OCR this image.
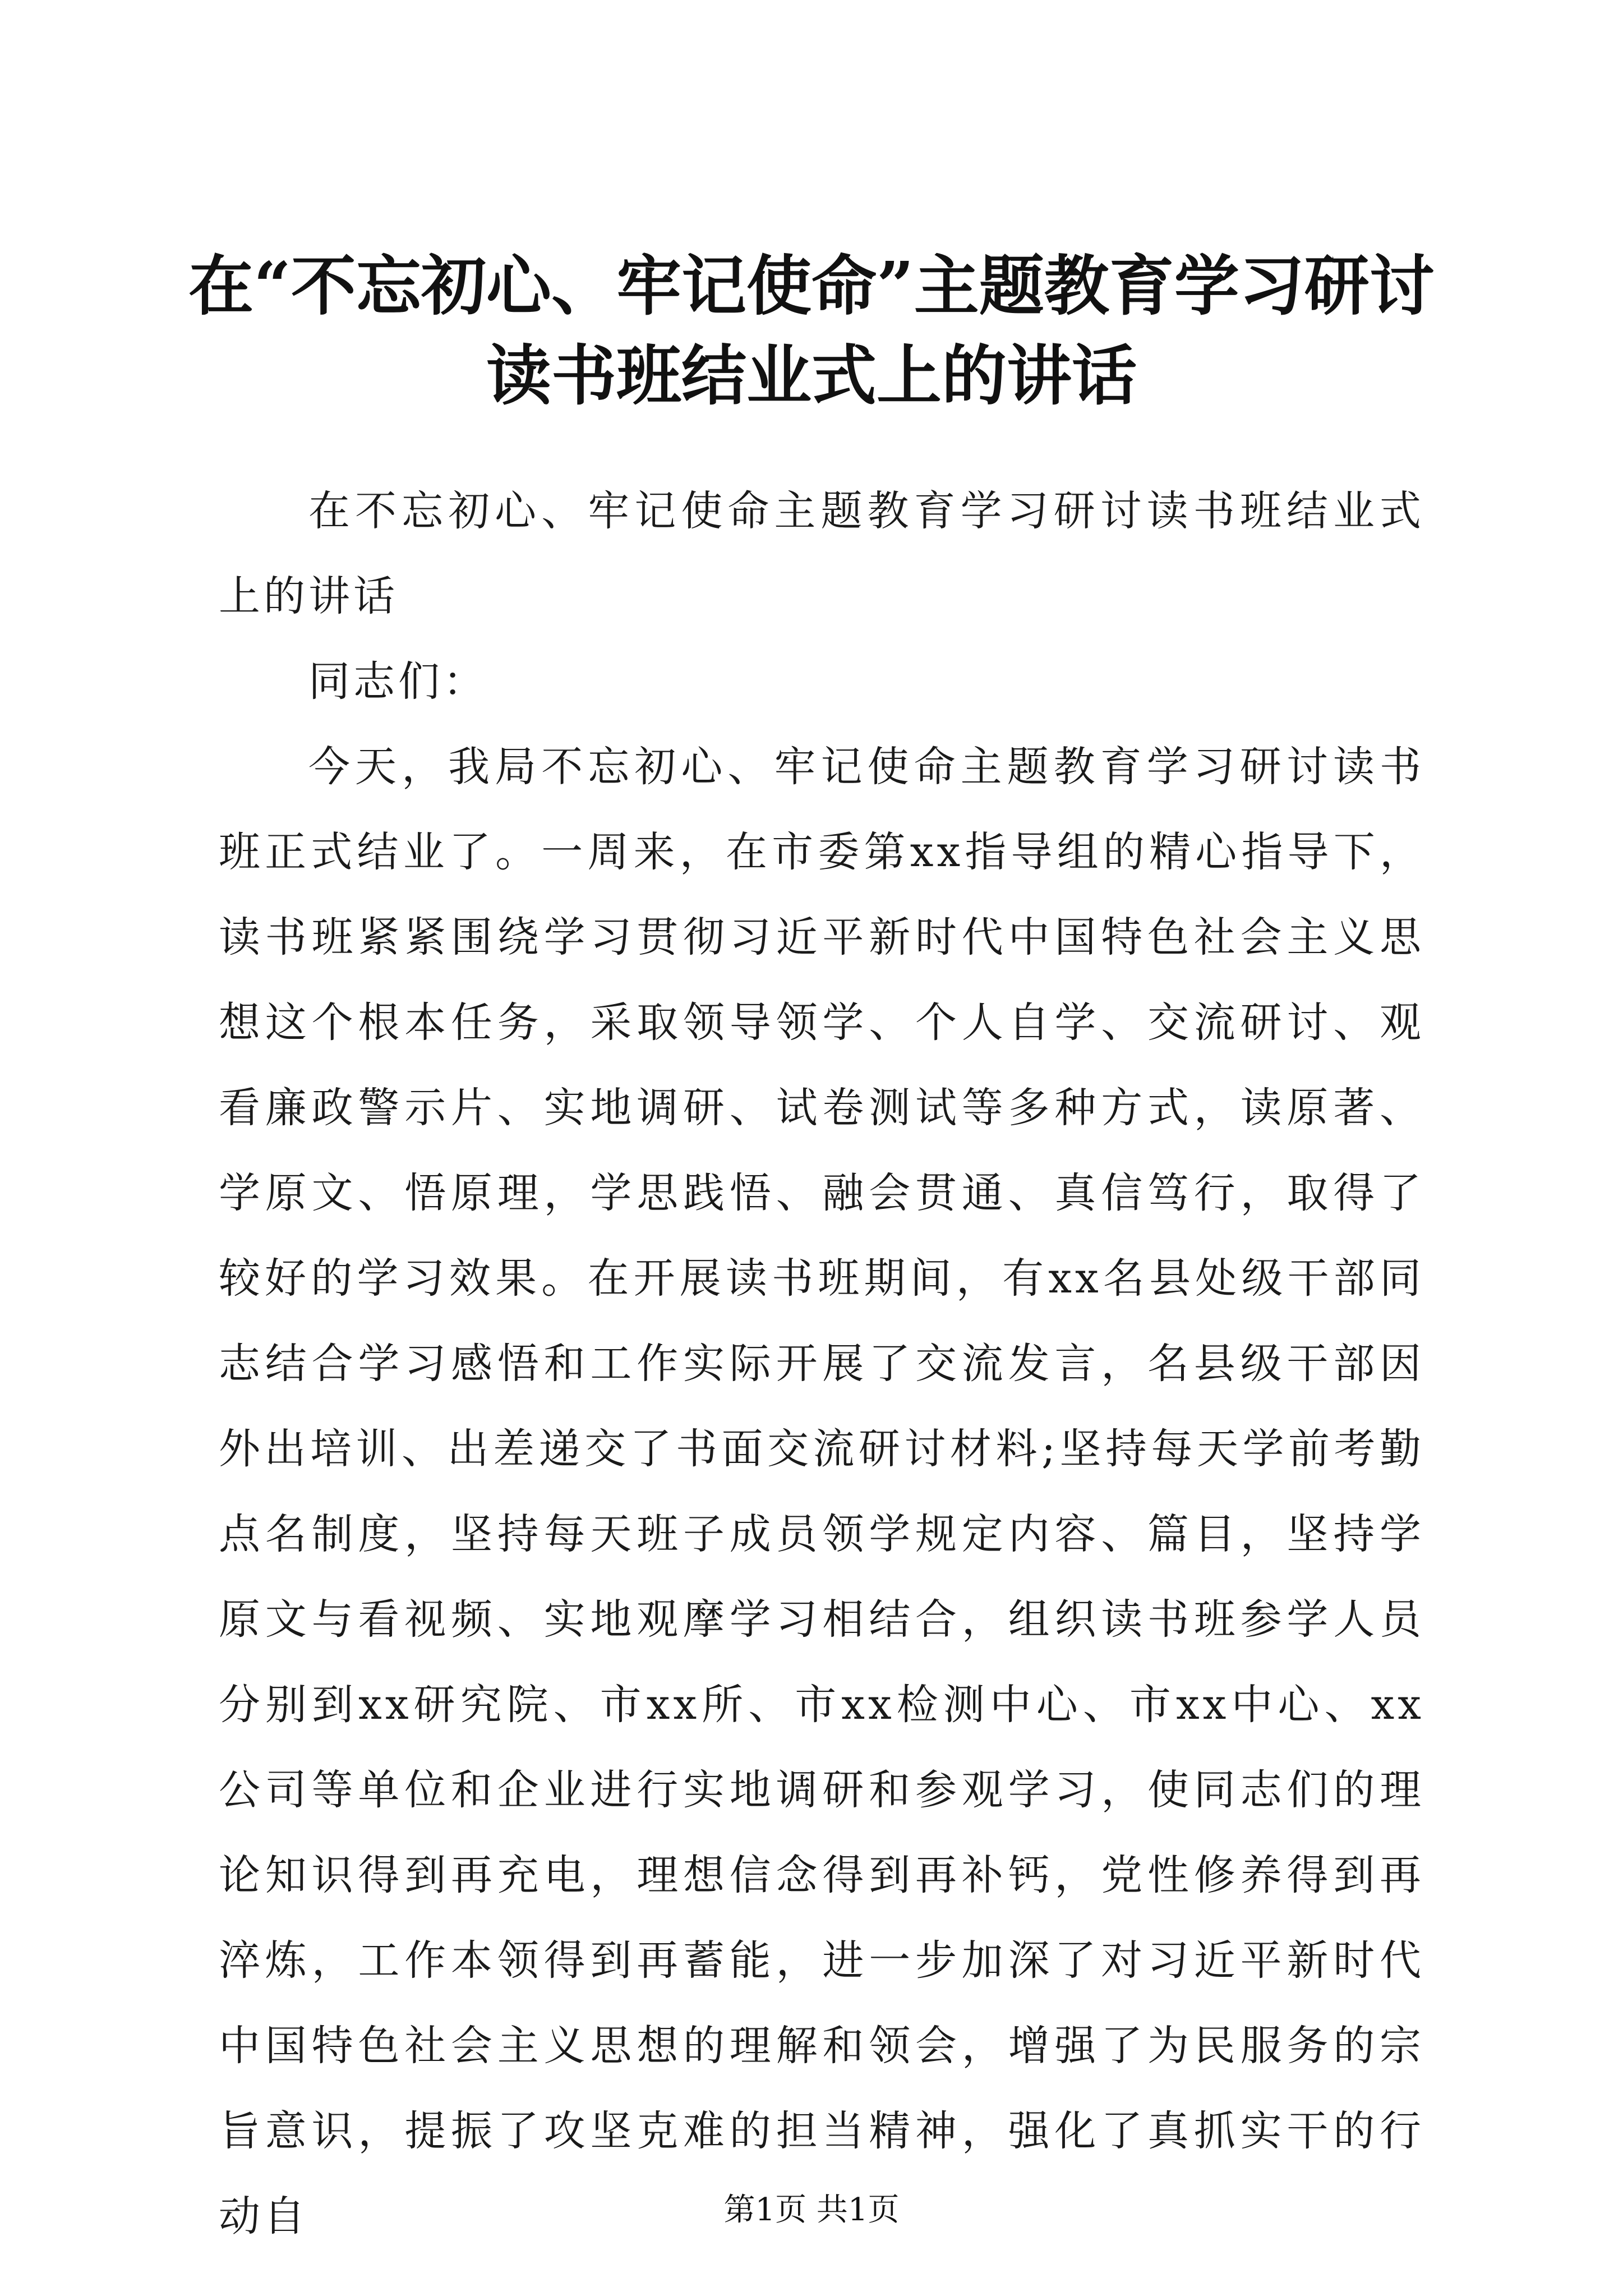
在“不忘初心、牢记使命”主题教育学习研讨
读书班结业式上的讲话

在不忘初心、牢记使命主题教育学习研讨读书班结业式上的讲话

同志们：

今天，我局不忘初心、牢记使命主题教育学习研讨读书班正式结业了。一周来，在市委第xx指导组的精心指导下，读书班紧紧围绕学习贯彻习近平新时代中国特色社会主义思想这个根本任务，采取领导领学、个人自学、交流研讨、观看廉政警示片、实地调研、试卷测试等多种方式，读原著、学原文、悟原理，学思践悟、融会贯通、真信笃行，取得了较好的学习效果。在开展读书班期间，有xx名县处级干部同志结合学习感悟和工作实际开展了交流发言，名县级干部因外出培训、出差递交了书面交流研讨材料;坚持每天学前考勤点名制度，坚持每天班子成员领学规定内容、篇目，坚持学原文与看视频、实地观摩学习相结合，组织读书班参学人员分别到xx研究院、市xx所、市xx检测中心、市xx中心、xx公司等单位和企业进行实地调研和参观学习，使同志们的理论知识得到再充电，理想信念得到再补钙，党性修养得到再淬炼，工作本领得到再蓄能，进一步加深了对习近平新时代中国特色社会主义思想的理解和领会，增强了为民服务的宗旨意识，提振了攻坚克难的担当精神，强化了真抓实干的行动自	第1页 共1页
